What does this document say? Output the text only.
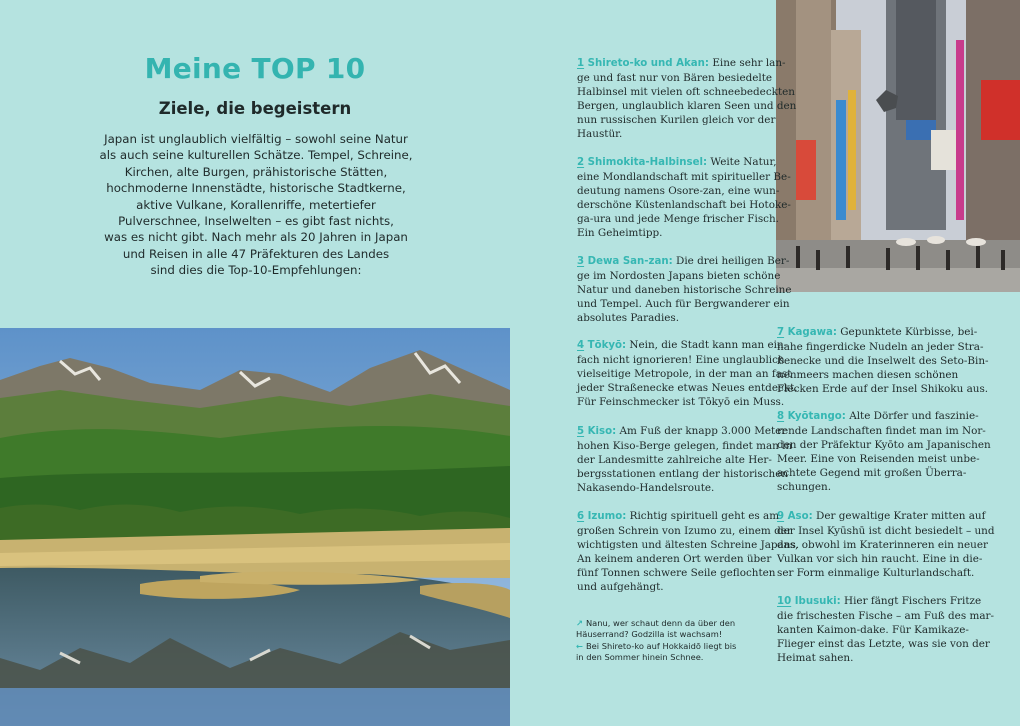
Meine TOP 10
Ziele, die begeistern

Japan ist unglaublich vielfältig – sowohl seine Natur
als auch seine kulturellen Schätze. Tempel, Schreine,
Kirchen, alte Burgen, prähistorische Stätten,
hochmoderne Innenstädte, historische Stadtkerne,
aktive Vulkane, Korallenriffe, metertiefer
Pulverschnee, Inselwelten – es gibt fast nichts,
was es nicht gibt. Nach mehr als 20 Jahren in Japan
und Reisen in alle 47 Präfekturen des Landes
sind dies die Top-10-Empfehlungen:

1 Shireto-ko und Akan: Eine sehr lan-
ge und fast nur von Bären besiedelte
Halbinsel mit vielen oft schneebedeckten
Bergen, unglaublich klaren Seen und den
nun russischen Kurilen gleich vor der
Haustür.
2 Shimokita-Halbinsel: Weite Natur,
eine Mondlandschaft mit spiritueller Be-
deutung namens Osore-zan, eine wun-
derschöne Küstenlandschaft bei Hotoke-
ga-ura und jede Menge frischer Fisch.
Ein Geheimtipp.
3 Dewa San-zan: Die drei heiligen Ber-
ge im Nordosten Japans bieten schöne
Natur und daneben historische Schreine
und Tempel. Auch für Bergwanderer ein
absolutes Paradies.
4 Tōkyō: Nein, die Stadt kann man ein-
fach nicht ignorieren! Eine unglaublich
vielseitige Metropole, in der man an fast
jeder Straßenecke etwas Neues entdeckt.
Für Feinschmecker ist Tōkyō ein Muss.
5 Kiso: Am Fuß der knapp 3.000 Meter
hohen Kiso-Berge gelegen, findet man in
der Landesmitte zahlreiche alte Her-
bergsstationen entlang der historischen
Nakasendo-Handelsroute.
6 Izumo: Richtig spirituell geht es am
großen Schrein von Izumo zu, einem der
wichtigsten und ältesten Schreine Japans.
An keinem anderen Ort werden über
fünf Tonnen schwere Seile geflochten
und aufgehängt.
7 Kagawa: Gepunktete Kürbisse, bei-
nahe fingerdicke Nudeln an jeder Stra-
ßenecke und die Inselwelt des Seto-Bin-
nenmeers machen diesen schönen
Flecken Erde auf der Insel Shikoku aus.
8 Kyōtango: Alte Dörfer und faszinie-
rende Landschaften findet man im Nor-
den der Präfektur Kyōto am Japanischen
Meer. Eine von Reisenden meist unbe-
achtete Gegend mit großen Überra-
schungen.
9 Aso: Der gewaltige Krater mitten auf
der Insel Kyūshū ist dicht besiedelt – und
das, obwohl im Kraterinneren ein neuer
Vulkan vor sich hin raucht. Eine in die-
ser Form einmalige Kulturlandschaft.
10 Ibusuki: Hier fängt Fischers Fritze
die frischesten Fische – am Fuß des mar-
kanten Kaimon-dake. Für Kamikaze-
Flieger einst das Letzte, was sie von der
Heimat sahen.
↗ Nanu, wer schaut denn da über den
Häuserrand? Godzilla ist wachsam!
← Bei Shireto-ko auf Hokkaidō liegt bis
in den Sommer hinein Schnee.
